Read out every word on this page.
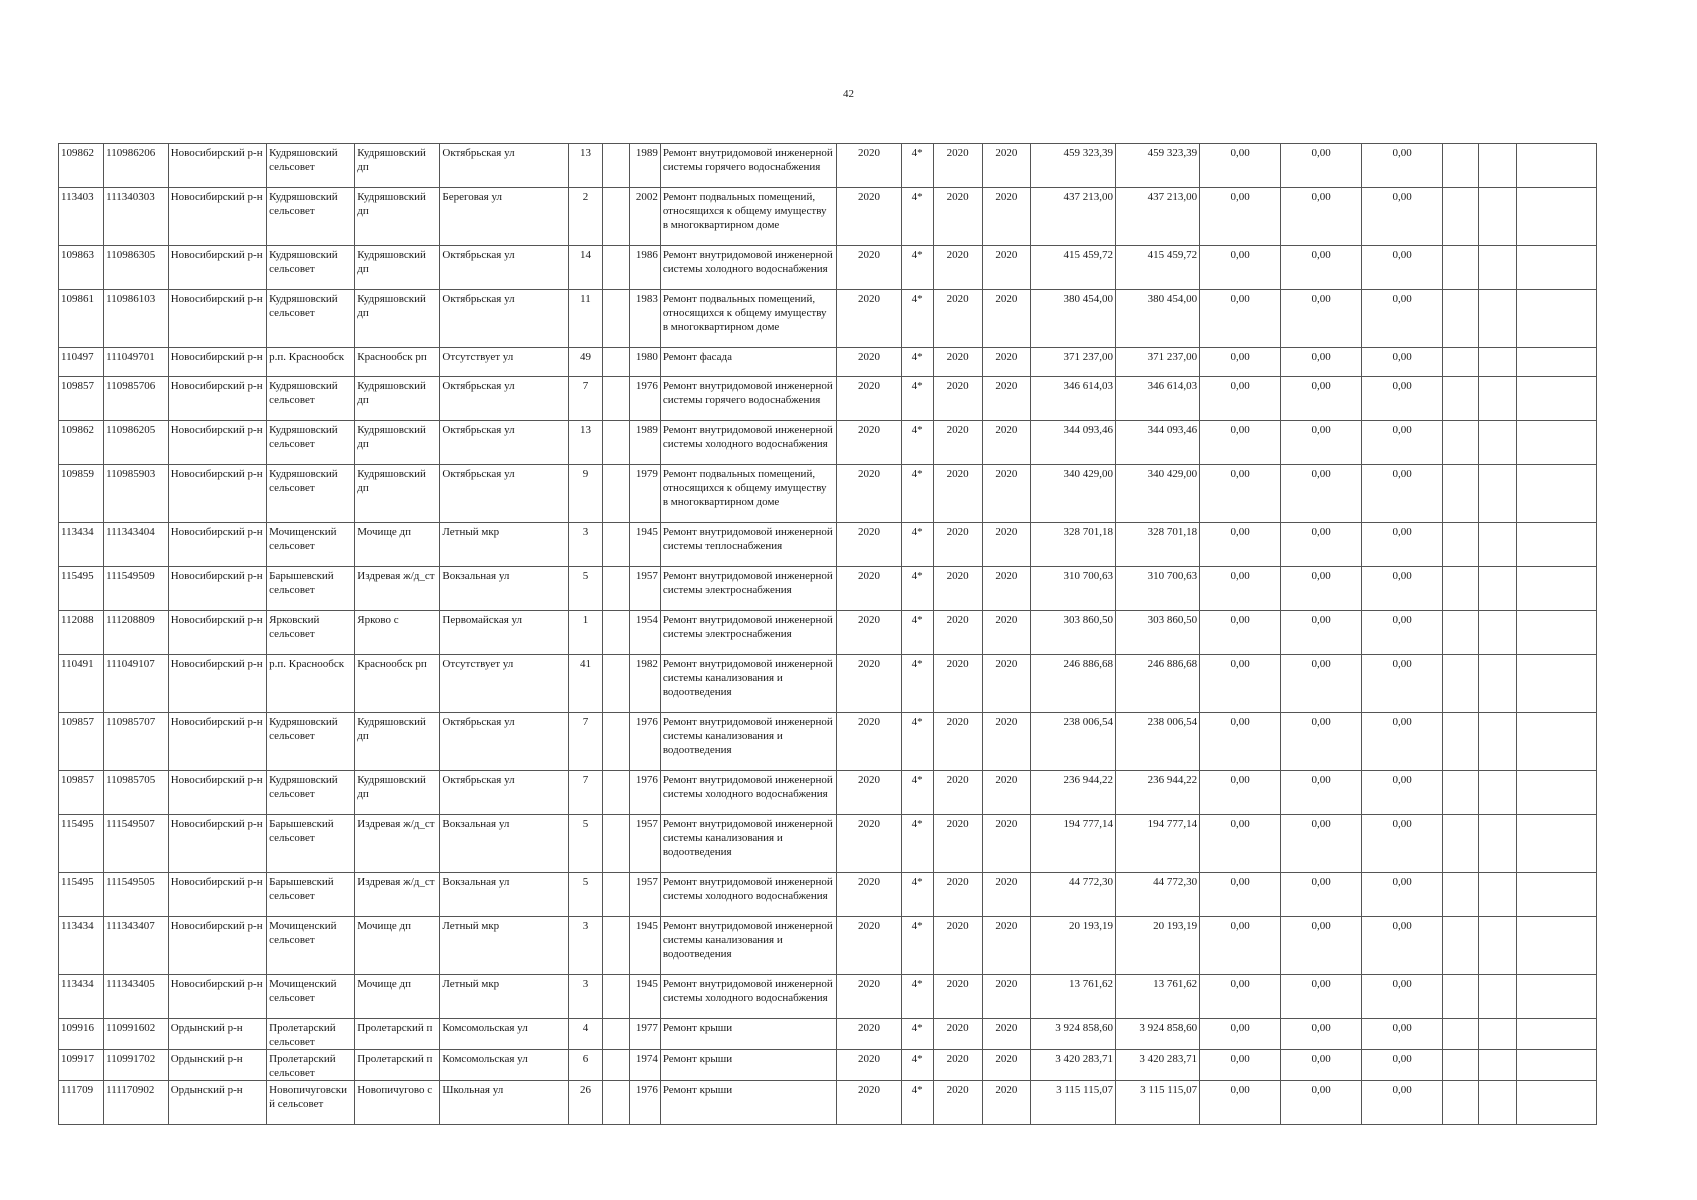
42
109862	110986206	Новосибирский р-н	Кудряшовский сельсовет	Кудряшовский дп	Октябрьская ул	13		1989	Ремонт внутридомовой инженерной системы горячего водоснабжения	2020	4*	2020	2020	459 323,39	459 323,39	0,00	0,00	0,00			
113403	111340303	Новосибирский р-н	Кудряшовский сельсовет	Кудряшовский дп	Береговая ул	2		2002	Ремонт подвальных помещений, относящихся к общему имуществу в многоквартирном доме	2020	4*	2020	2020	437 213,00	437 213,00	0,00	0,00	0,00			
109863	110986305	Новосибирский р-н	Кудряшовский сельсовет	Кудряшовский дп	Октябрьская ул	14		1986	Ремонт внутридомовой инженерной системы холодного водоснабжения	2020	4*	2020	2020	415 459,72	415 459,72	0,00	0,00	0,00			
109861	110986103	Новосибирский р-н	Кудряшовский сельсовет	Кудряшовский дп	Октябрьская ул	11		1983	Ремонт подвальных помещений, относящихся к общему имуществу в многоквартирном доме	2020	4*	2020	2020	380 454,00	380 454,00	0,00	0,00	0,00			
110497	111049701	Новосибирский р-н	р.п. Краснообск	Краснообск рп	Отсутствует ул	49		1980	Ремонт фасада	2020	4*	2020	2020	371 237,00	371 237,00	0,00	0,00	0,00			
109857	110985706	Новосибирский р-н	Кудряшовский сельсовет	Кудряшовский дп	Октябрьская ул	7		1976	Ремонт внутридомовой инженерной системы горячего водоснабжения	2020	4*	2020	2020	346 614,03	346 614,03	0,00	0,00	0,00			
109862	110986205	Новосибирский р-н	Кудряшовский сельсовет	Кудряшовский дп	Октябрьская ул	13		1989	Ремонт внутридомовой инженерной системы холодного водоснабжения	2020	4*	2020	2020	344 093,46	344 093,46	0,00	0,00	0,00			
109859	110985903	Новосибирский р-н	Кудряшовский сельсовет	Кудряшовский дп	Октябрьская ул	9		1979	Ремонт подвальных помещений, относящихся к общему имуществу в многоквартирном доме	2020	4*	2020	2020	340 429,00	340 429,00	0,00	0,00	0,00			
113434	111343404	Новосибирский р-н	Мочищенский сельсовет	Мочище дп	Летный мкр	3		1945	Ремонт внутридомовой инженерной системы теплоснабжения	2020	4*	2020	2020	328 701,18	328 701,18	0,00	0,00	0,00			
115495	111549509	Новосибирский р-н	Барышевский сельсовет	Издревая ж/д_ст	Вокзальная ул	5		1957	Ремонт внутридомовой инженерной системы электроснабжения	2020	4*	2020	2020	310 700,63	310 700,63	0,00	0,00	0,00			
112088	111208809	Новосибирский р-н	Ярковский сельсовет	Ярково с	Первомайская ул	1		1954	Ремонт внутридомовой инженерной системы электроснабжения	2020	4*	2020	2020	303 860,50	303 860,50	0,00	0,00	0,00			
110491	111049107	Новосибирский р-н	р.п. Краснообск	Краснообск рп	Отсутствует ул	41		1982	Ремонт внутридомовой инженерной системы канализования и водоотведения	2020	4*	2020	2020	246 886,68	246 886,68	0,00	0,00	0,00			
109857	110985707	Новосибирский р-н	Кудряшовский сельсовет	Кудряшовский дп	Октябрьская ул	7		1976	Ремонт внутридомовой инженерной системы канализования и водоотведения	2020	4*	2020	2020	238 006,54	238 006,54	0,00	0,00	0,00			
109857	110985705	Новосибирский р-н	Кудряшовский сельсовет	Кудряшовский дп	Октябрьская ул	7		1976	Ремонт внутридомовой инженерной системы холодного водоснабжения	2020	4*	2020	2020	236 944,22	236 944,22	0,00	0,00	0,00			
115495	111549507	Новосибирский р-н	Барышевский сельсовет	Издревая ж/д_ст	Вокзальная ул	5		1957	Ремонт внутридомовой инженерной системы канализования и водоотведения	2020	4*	2020	2020	194 777,14	194 777,14	0,00	0,00	0,00			
115495	111549505	Новосибирский р-н	Барышевский сельсовет	Издревая ж/д_ст	Вокзальная ул	5		1957	Ремонт внутридомовой инженерной системы холодного водоснабжения	2020	4*	2020	2020	44 772,30	44 772,30	0,00	0,00	0,00			
113434	111343407	Новосибирский р-н	Мочищенский сельсовет	Мочище дп	Летный мкр	3		1945	Ремонт внутридомовой инженерной системы канализования и водоотведения	2020	4*	2020	2020	20 193,19	20 193,19	0,00	0,00	0,00			
113434	111343405	Новосибирский р-н	Мочищенский сельсовет	Мочище дп	Летный мкр	3		1945	Ремонт внутридомовой инженерной системы холодного водоснабжения	2020	4*	2020	2020	13 761,62	13 761,62	0,00	0,00	0,00			
109916	110991602	Ордынский р-н	Пролетарский сельсовет	Пролетарский п	Комсомольская ул	4		1977	Ремонт крыши	2020	4*	2020	2020	3 924 858,60	3 924 858,60	0,00	0,00	0,00			
109917	110991702	Ордынский р-н	Пролетарский сельсовет	Пролетарский п	Комсомольская ул	6		1974	Ремонт крыши	2020	4*	2020	2020	3 420 283,71	3 420 283,71	0,00	0,00	0,00			
111709	111170902	Ордынский р-н	Новопичуговский сельсовет	Новопичугово с	Школьная ул	26		1976	Ремонт крыши	2020	4*	2020	2020	3 115 115,07	3 115 115,07	0,00	0,00	0,00			
